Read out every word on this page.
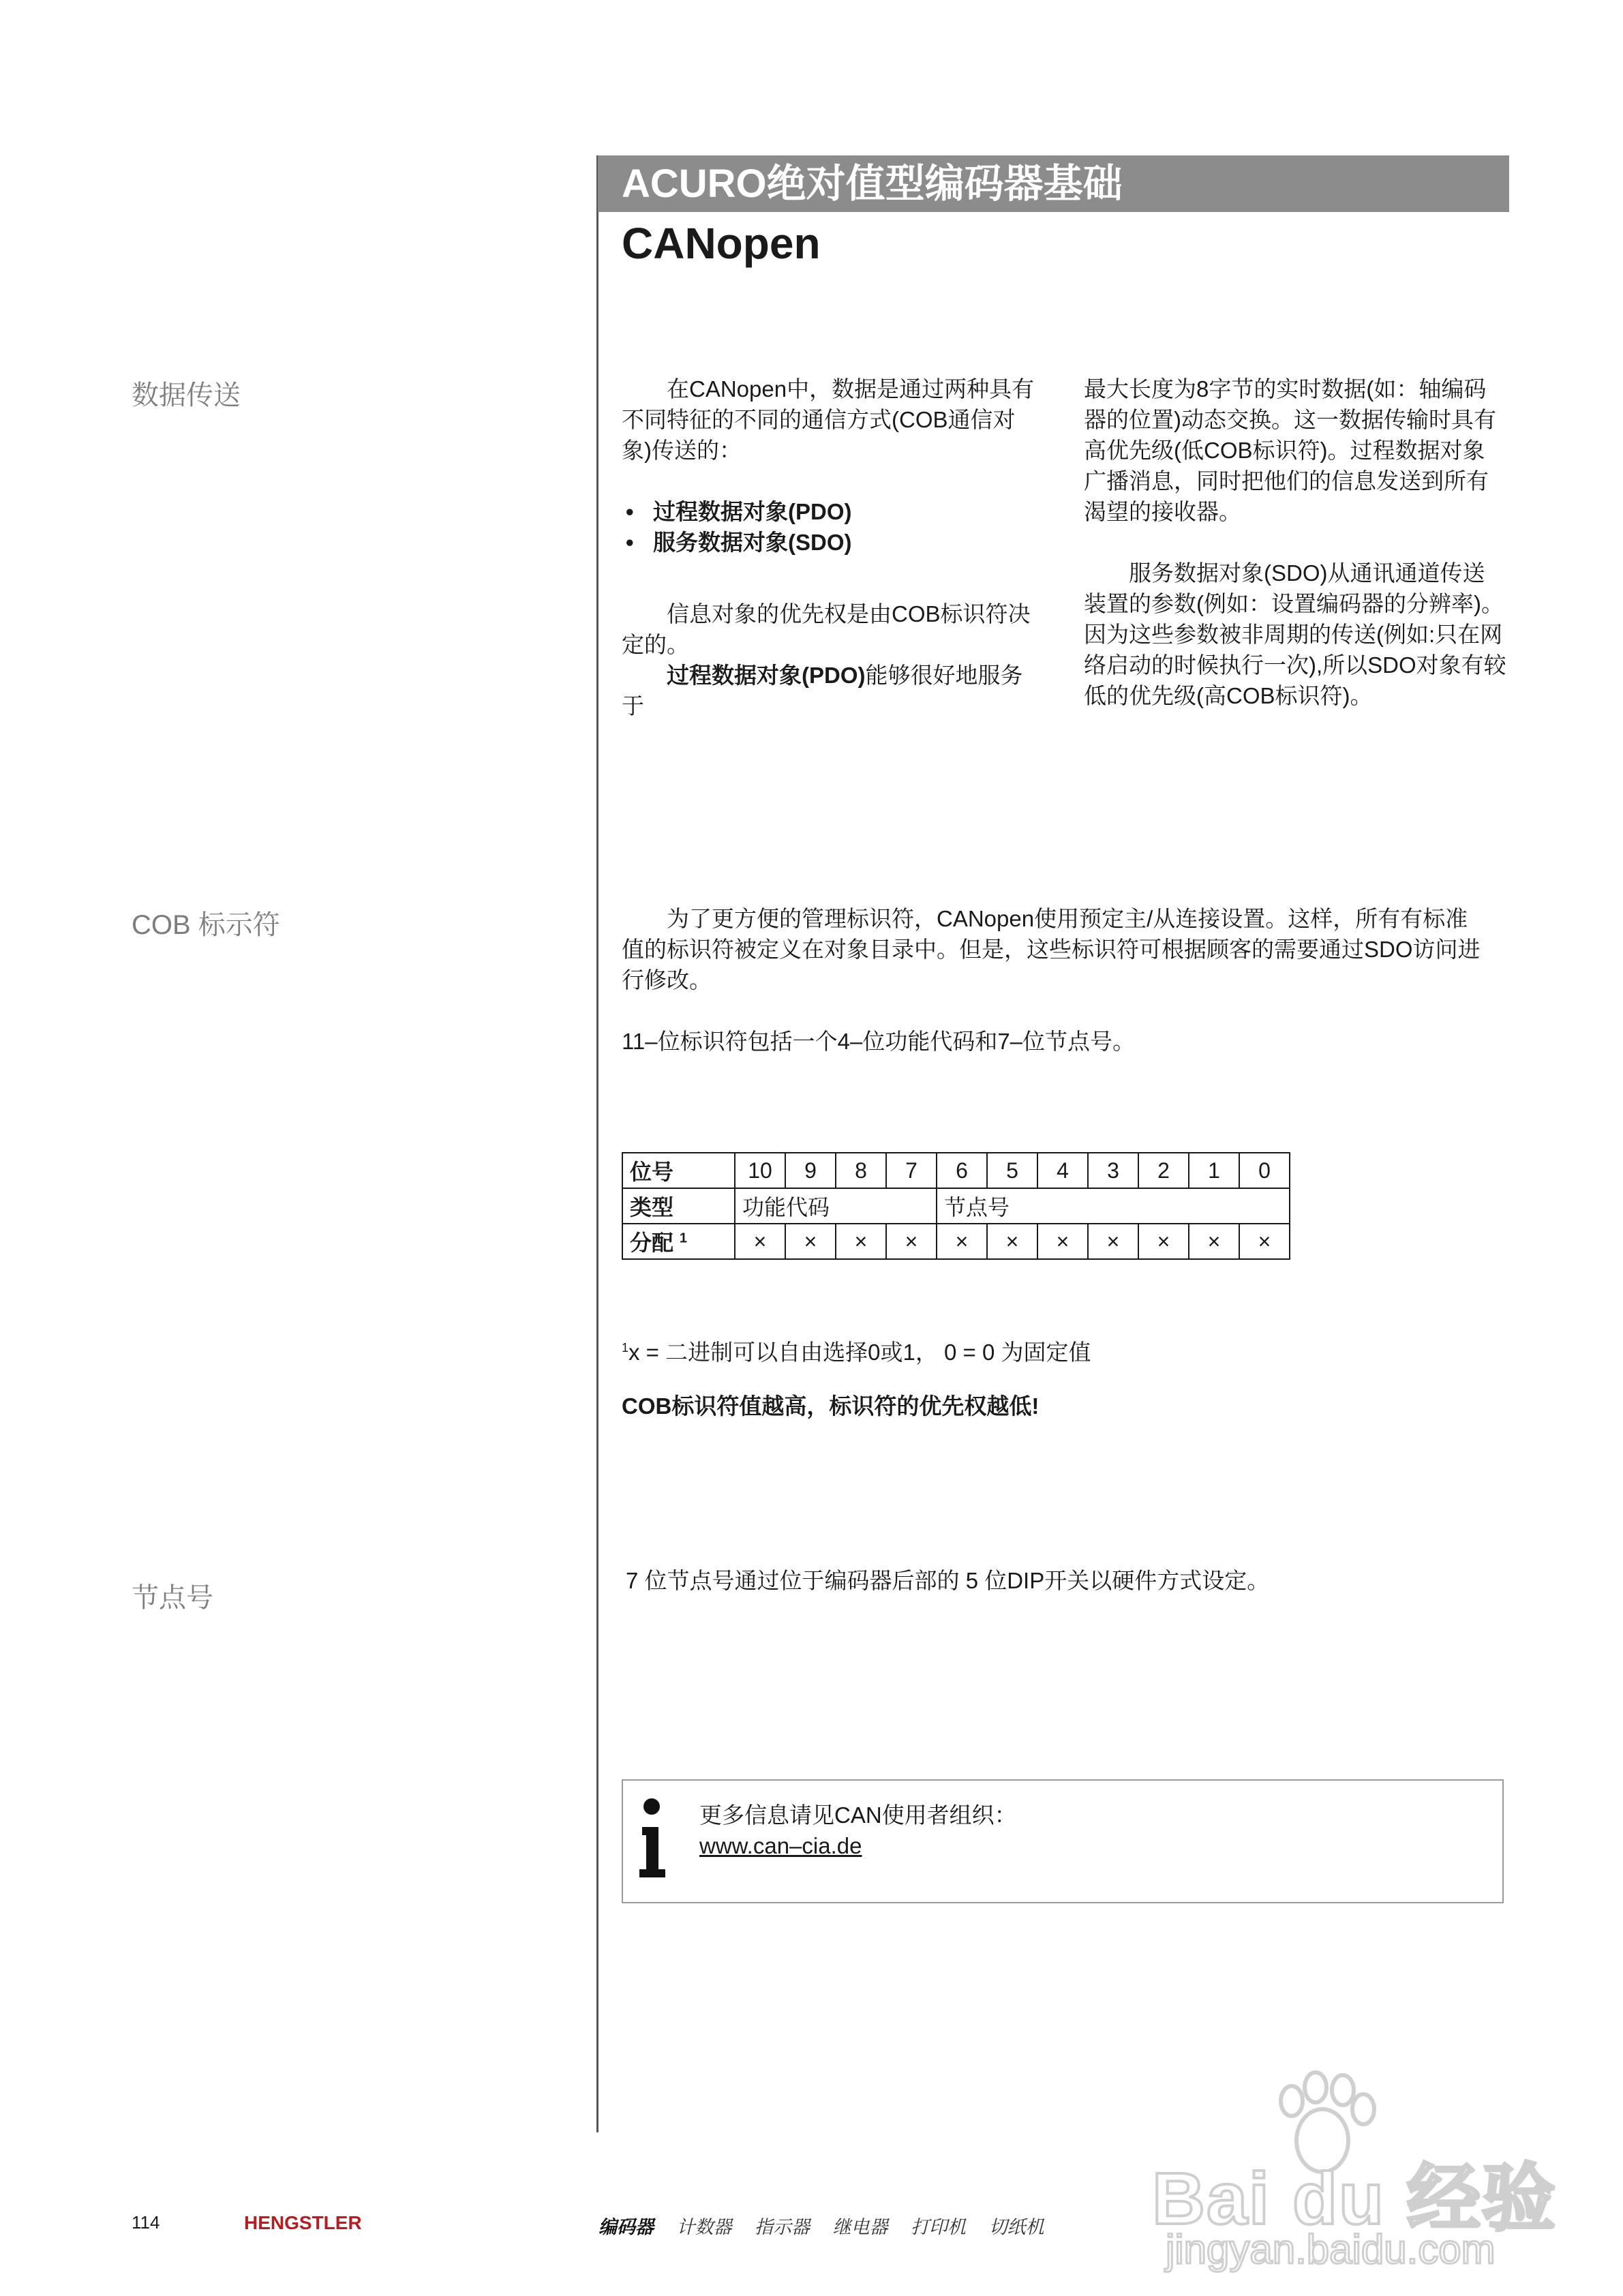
ACURO绝对值型编码器基础
CANopen
数据传送	在CANopen中，数据是通过两种具有不同特征的不同的通信方式(COB通信对象)传送的：

• 过程数据对象(PDO)
• 服务数据对象(SDO)

信息对象的优先权是由COB标识符决定的。

过程数据对象(PDO)能够很好地服务于

最大长度为8字节的实时数据(如：轴编码器的位置)动态交换。这一数据传输时具有高优先级(低COB标识符)。过程数据对象广播消息，同时把他们的信息发送到所有渴望的接收器。

服务数据对象(SDO)从通讯通道传送装置的参数(例如：设置编码器的分辨率)。因为这些参数被非周期的传送(例如:只在网络启动的时候执行一次),所以SDO对象有较低的优先级(高COB标识符)。

COB 标示符	为了更方便的管理标识符，CANopen使用预定主/从连接设置。这样，所有有标准值的标识符被定义在对象目录中。但是，这些标识符可根据顾客的需要通过SDO访问进行修改。

11–位标识符包括一个4–位功能代码和7–位节点号。

位号	10	9	8	7	6	5	4	3	2	1	0
类型	功能代码				节点号						
分配 $^1$	×	×	×	×	×	×	×	×	×	×	×
$^1$x = 二进制可以自由选择0或1， 0 = 0 为固定值
COB标识符值越高，标识符的优先权越低!
节点号
7 位节点号通过位于编码器后部的 5 位DIP开关以硬件方式设定。

更多信息请见CAN使用者组织：

www.can–cia.de

114	HENGSTLER	编码器 计数器 指示器 继电器 打印机 切纸机 Bai du 经验
jingyan.baidu.com
